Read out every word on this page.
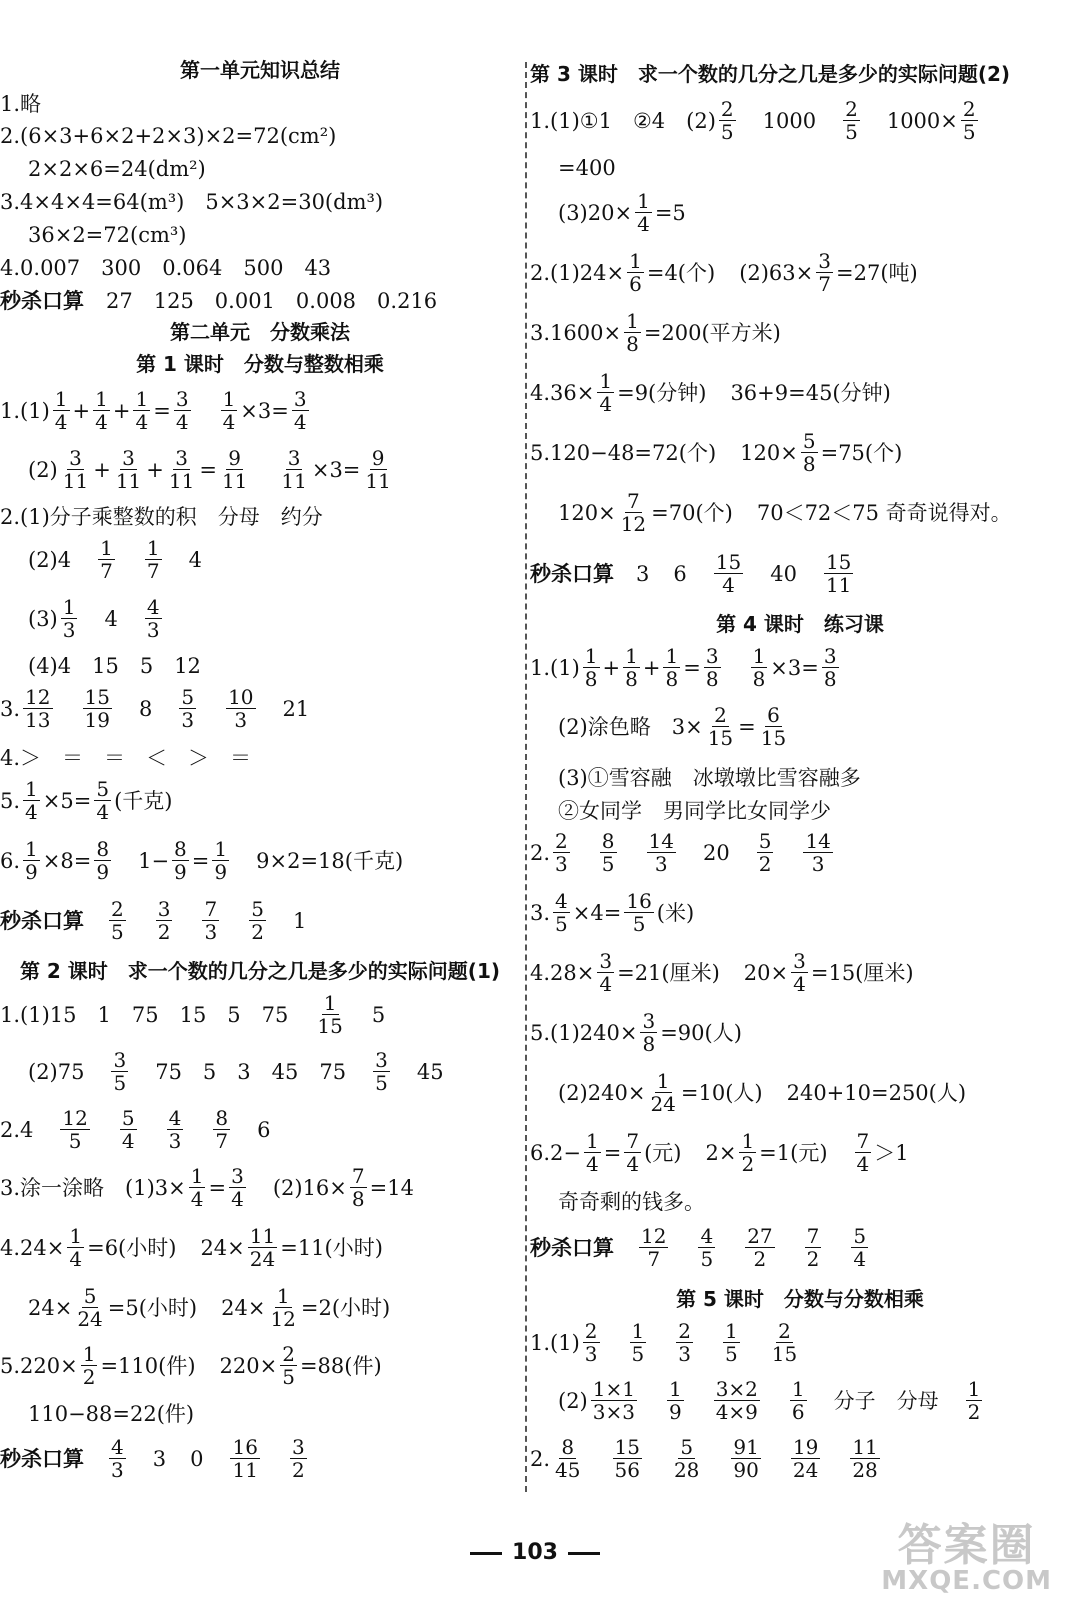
第一单元知识总结
1.略
2.(6×3+6×2+2×3)×2=72(cm²)
2×2×6=24(dm²)
3.4×4×4=64(m³)　5×3×2=30(dm³)
36×2=72(cm³)
4.0.007　300　0.064　500　43
秒杀口算 27　125　0.001　0.008　0.216
第二单元　分数乘法
第 1 课时　分数与整数相乘
$1.(1) \frac{1}{4} + \frac{1}{4} + \frac{1}{4} = \frac{3}{4} \frac{1}{4} \times 3= \frac{3}{4}$
$(2) \frac{3}{11} + \frac{3}{11} + \frac{3}{11} = \frac{9}{11} \frac{3}{11} \times 3= \frac{9}{11}$
2.(1)分子乘整数的积　分母　约分
$(2)4 \frac{1}{7} \frac{1}{7} 4$
$(3) \frac{1}{3} 4 \frac{4}{3}$
(4)4　15　5　12
3. $\frac{12}{13} \frac{15}{19} 8 \frac{5}{3} \frac{10}{3} 21$
4.＞　＝　＝　＜　＞　＝
5. $\frac{1}{4} \times 5= \frac{5}{4}$ (千克)
6. $\frac{1}{9} \times 8= \frac{8}{9} 1- \frac{8}{9} = \frac{1}{9} 9\times 2=18$(千克)
秒杀口算 $\frac{2}{5} \frac{3}{2} \frac{7}{3} \frac{5}{2} 1$
第 2 课时　求一个数的几分之几是多少的实际问题(1)
1.(1)15　1　75　15　5　$75 \frac{1}{15} 5$
$(2)75 \frac{3}{5} 75$　5　3　45　$75 \frac{3}{5} 45$
$2.4 \frac{12}{5} \frac{5}{4} \frac{4}{3} \frac{8}{7} 6$
3.涂一涂略　$(1)3\times \frac{1}{4} = \frac{3}{4} (2)16\times \frac{7}{8} =14$
$4.24\times \frac{1}{4} =6$(小时) $24\times \frac{11}{24} =11$(小时)
$24\times \frac{5}{24} =5$(小时) $24\times \frac{1}{12} =2$(小时)
$5.220\times \frac{1}{2} =110$(件) $220\times \frac{2}{5} =88$(件)
110−88=22(件)
秒杀口算 $\frac{4}{3} 3$ $0 \frac{16}{11} \frac{3}{2}$
第 3 课时　求一个数的几分之几是多少的实际问题(2)
1.(1)①1　②4　$(2) \frac{2}{5} 1000 \frac{2}{5} 1000\times \frac{2}{5}$
=400
$(3)20\times \frac{1}{4} =5$
$2.(1)24\times \frac{1}{6} =4$(个) $(2)63\times \frac{3}{7} =27$(吨)
$3.1600\times \frac{1}{8} =200$(平方米)
$4.36\times \frac{1}{4} =9$(分钟) 36+9=45(分钟)
5.120−48=72(个) $120\times \frac{5}{8} =75$(个)
$120\times \frac{7}{12} =70$(个) 70＜72＜75 奇奇说得对。
秒杀口算 3 $6 \frac{15}{4} 40 \frac{15}{11}$
第 4 课时　练习课
$1.(1) \frac{1}{8} + \frac{1}{8} + \frac{1}{8} = \frac{3}{8} \frac{1}{8} \times 3= \frac{3}{8}$
(2)涂色略　$3\times \frac{2}{15} = \frac{6}{15}$
(3)①雪容融　冰墩墩比雪容融多
②女同学　男同学比女同学少
2. $\frac{2}{3} \frac{8}{5} \frac{14}{3} 20 \frac{5}{2} \frac{14}{3}$
3. $\frac{4}{5} \times 4= \frac{16}{5}$ (米)
$4.28\times \frac{3}{4} =21$(厘米) $20\times \frac{3}{4} =15$(厘米)
$5.(1)240\times \frac{3}{8} =90$(人)
$(2)240\times \frac{1}{24} =10$(人) 240+10=250(人)
$6.2- \frac{1}{4} = \frac{7}{4}$ (元) $2\times \frac{1}{2} =1$(元) $\frac{7}{4} >1$
奇奇剩的钱多。
秒杀口算 $\frac{12}{7} \frac{4}{5} \frac{27}{2} \frac{7}{2} \frac{5}{4}$
第 5 课时　分数与分数相乘
$1.(1) \frac{2}{3} \frac{1}{5} \frac{2}{3} \frac{1}{5} \frac{2}{15}$
$(2) \frac{1\times 1}{3\times 3} \frac{1}{9} \frac{3\times 2}{4\times 9} \frac{1}{6}$ 分子　分母 $\frac{1}{2}$
2. $\frac{8}{45} \frac{15}{56} \frac{5}{28} \frac{91}{90} \frac{19}{24} \frac{11}{28}$
103	答案圈
MXQE.COM
